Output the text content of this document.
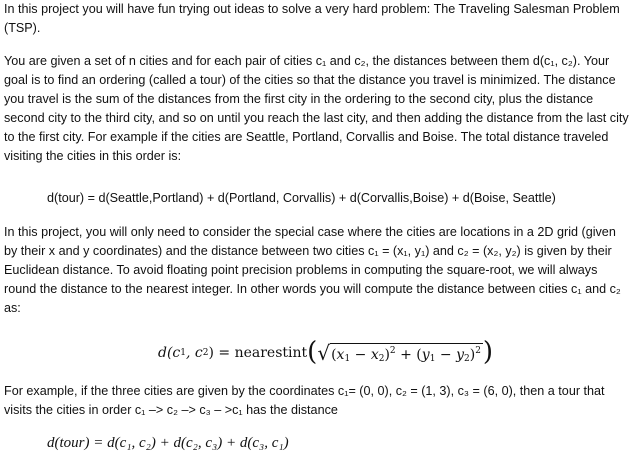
In this project you will have fun trying out ideas to solve a very hard problem: The Traveling Salesman Problem (TSP).

You are given a set of n cities and for each pair of cities c₁ and c₂, the distances between them d(c₁, c₂). Your goal is to find an ordering (called a tour) of the cities so that the distance you travel is minimized. The distance you travel is the sum of the distances from the first city in the ordering to the second city, plus the distance second city to the third city, and so on until you reach the last city, and then adding the distance from the last city to the first city. For example if the cities are Seattle, Portland, Corvallis and Boise. The total distance traveled visiting the cities in this order is:

d(tour) = d(Seattle,Portland) + d(Portland, Corvallis) + d(Corvallis,Boise) + d(Boise, Seattle)

In this project, you will only need to consider the special case where the cities are locations in a 2D grid (given by their x and y coordinates) and the distance between two cities c₁ = (x₁, y₁) and c₂ = (x₂, y₂) is given by their Euclidean distance. To avoid floating point precision problems in computing the square-root, we will always round the distance to the nearest integer. In other words you will compute the distance between cities c₁ and c₂ as:

d(c 1 , c 2 ) = nearestint ( √ $(x_1 - x_2)^2 + (y_1 - y_2)^2$ )

For example, if the three cities are given by the coordinates c₁= (0, 0), c₂ = (1, 3), c₃ = (6, 0), then a tour that visits the cities in order c₁ –> c₂ –> c₃ – >c₁ has the distance

d(tour) = d(c₁, c₂) + d(c₂, c₃) + d(c₃, c₁)
